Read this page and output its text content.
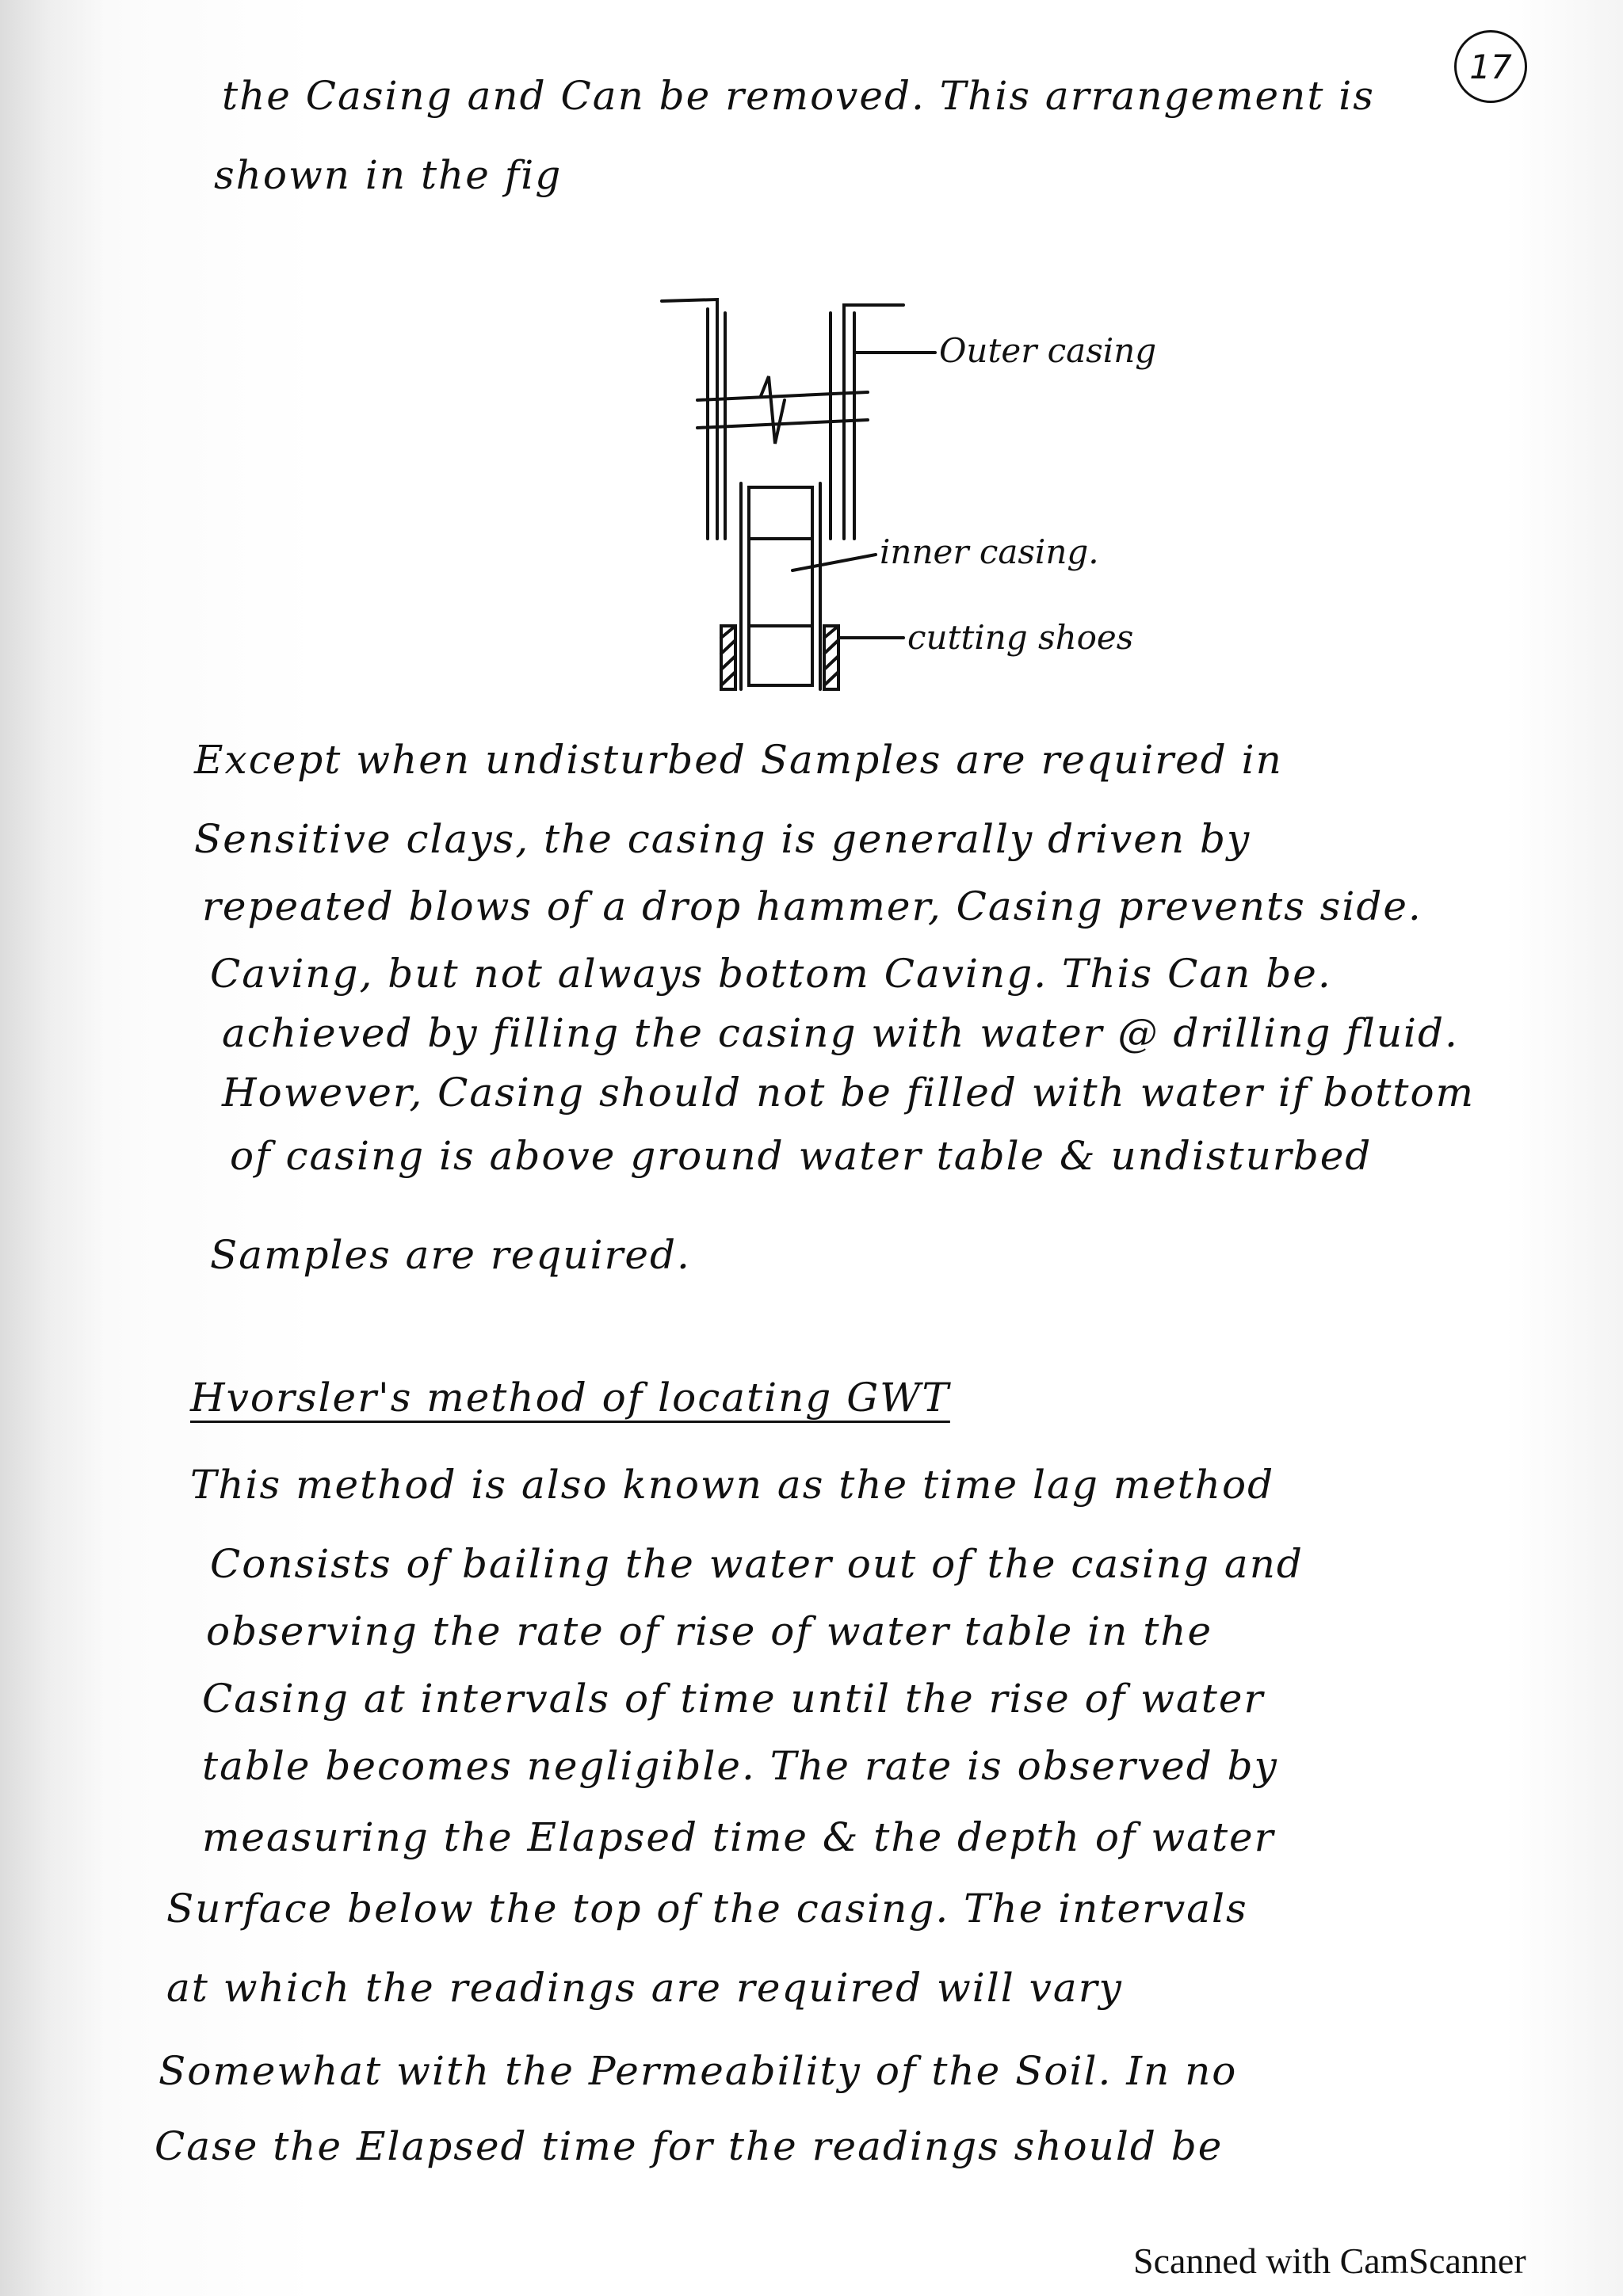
17
the Casing and Can be removed. This arrangement is
shown in the fig
Outer casing
inner casing.
cutting shoes
Except when undisturbed Samples are required in
Sensitive clays, the casing is generally driven by
repeated blows of a drop hammer, Casing prevents side.
Caving, but not always bottom Caving. This Can be.
achieved by filling the casing with water @ drilling fluid.
However, Casing should not be filled with water if bottom
of casing is above ground water table & undisturbed
Samples are required.
Hvorsler's method of locating GWT
This method is also known as the time lag method
Consists of bailing the water out of the casing and
observing the rate of rise of water table in the
Casing at intervals of time until the rise of water
table becomes negligible. The rate is observed by
measuring the Elapsed time & the depth of water
Surface below the top of the casing. The intervals
at which the readings are required will vary
Somewhat with the Permeability of the Soil. In no
Case the Elapsed time for the readings should be
Scanned with CamScanner
